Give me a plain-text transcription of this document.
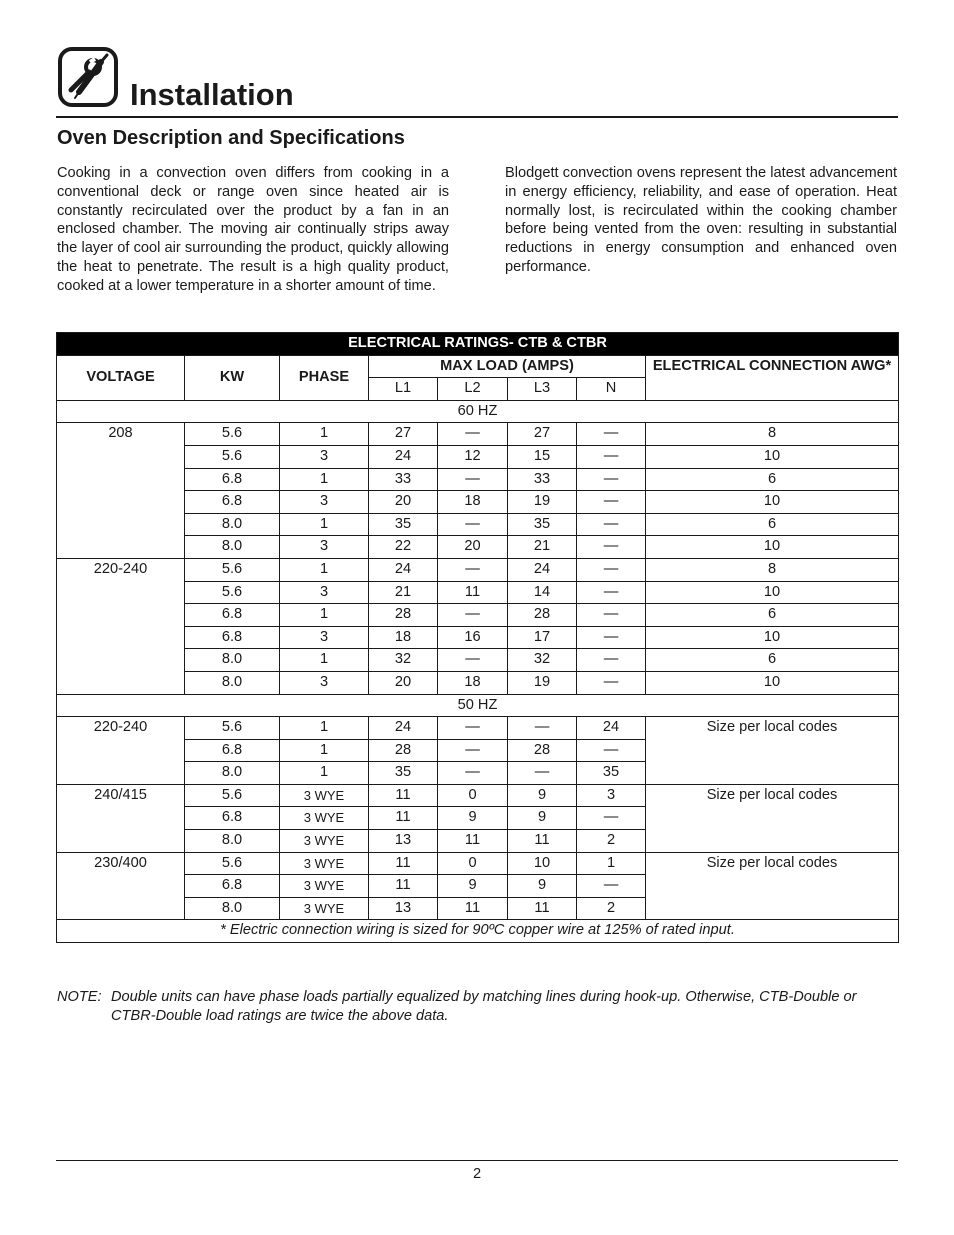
Installation
Oven Description and Specifications

Cooking in a convection oven differs from cooking in a conventional deck or range oven since heated air is constantly recirculated over the product by a fan in an enclosed chamber. The moving air continually strips away the layer of cool air surrounding the product, quickly allowing the heat to penetrate. The result is a high quality product, cooked at a lower temperature in a shorter amount of time.

Blodgett convection ovens represent the latest advancement in energy efficiency, reliability, and ease of operation. Heat normally lost, is recirculated within the cooking chamber before being vented from the oven: resulting in substantial reductions in energy consumption and enhanced oven performance.

ELECTRICAL RATINGS- CTB & CTBR							
VOLTAGE	KW	PHASE	MAX LOAD (AMPS)				ELECTRICAL CONNECTION AWG*
			L1	L2	L3	N	
60 HZ							
208	5.6	1	27	—	27	—	8
	5.6	3	24	12	15	—	10
	6.8	1	33	—	33	—	6
	6.8	3	20	18	19	—	10
	8.0	1	35	—	35	—	6
	8.0	3	22	20	21	—	10
220-240	5.6	1	24	—	24	—	8
	5.6	3	21	11	14	—	10
	6.8	1	28	—	28	—	6
	6.8	3	18	16	17	—	10
	8.0	1	32	—	32	—	6
	8.0	3	20	18	19	—	10
50 HZ							
220-240	5.6	1	24	—	—	24	Size per local codes
	6.8	1	28	—	28	—	
	8.0	1	35	—	—	35	
240/415	5.6	3 WYE	11	0	9	3	Size per local codes
	6.8	3 WYE	11	9	9	—	
	8.0	3 WYE	13	11	11	2	
230/400	5.6	3 WYE	11	0	10	1	Size per local codes
	6.8	3 WYE	11	9	9	—	
	8.0	3 WYE	13	11	11	2	
* Electric connection wiring is sized for 90ºC copper wire at 125% of rated input.							
NOTE: Double units can have phase loads partially equalized by matching lines during hook-up. Otherwise, CTB-Double or CTBR-Double load ratings are twice the above data.
2
